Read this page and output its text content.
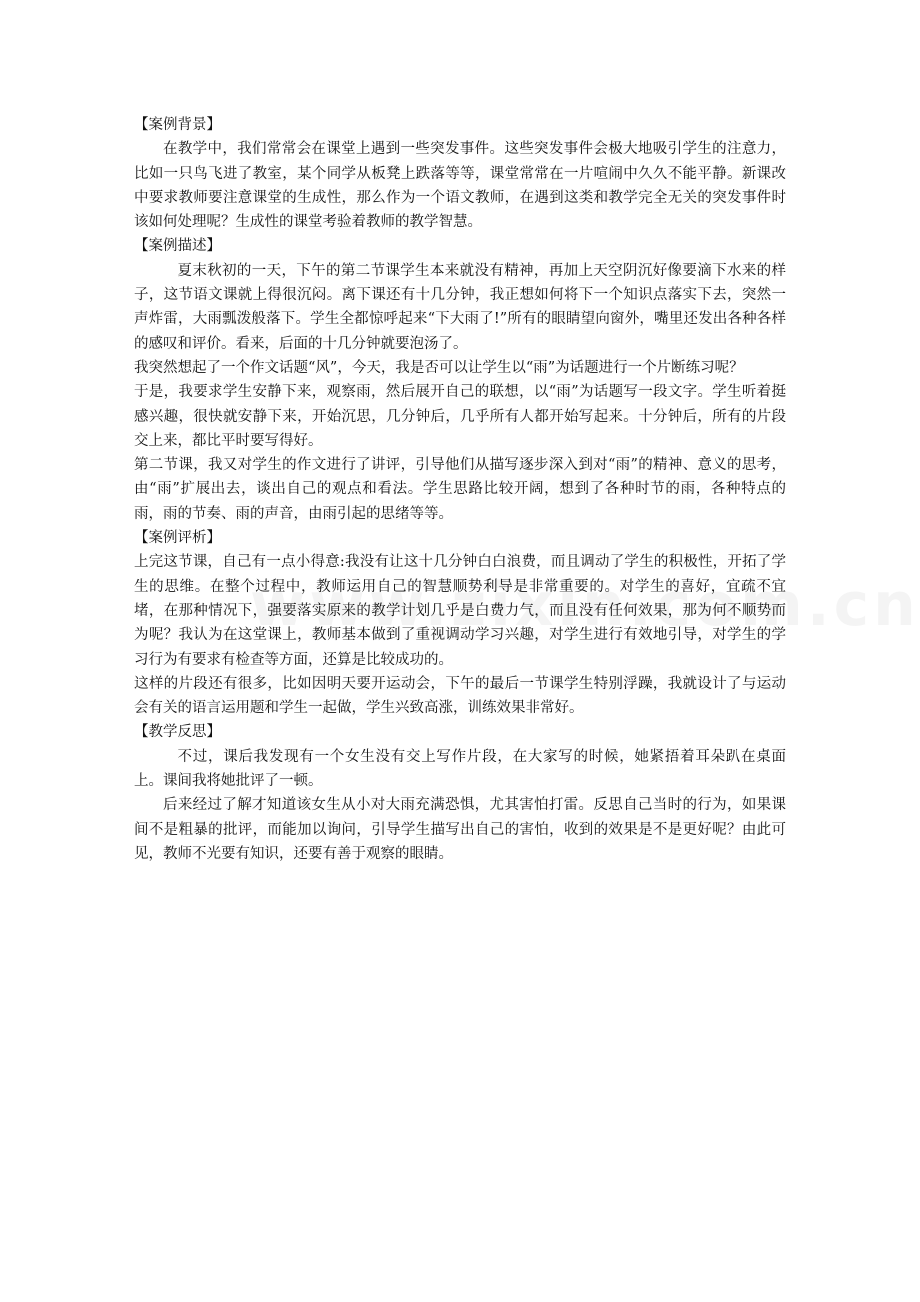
【案例背景】

在教学中，我们常常会在课堂上遇到一些突发事件。这些突发事件会极大地吸引学生的注意力，比如一只鸟飞进了教室，某个同学从板凳上跌落等等，课堂常常在一片喧闹中久久不能平静。新课改中要求教师要注意课堂的生成性，那么作为一个语文教师，在遇到这类和教学完全无关的突发事件时该如何处理呢？生成性的课堂考验着教师的教学智慧。

【案例描述】

夏末秋初的一天，下午的第二节课学生本来就没有精神，再加上天空阴沉好像要滴下水来的样子，这节语文课就上得很沉闷。离下课还有十几分钟，我正想如何将下一个知识点落实下去，突然一声炸雷，大雨瓢泼般落下。学生全都惊呼起来“下大雨了!”所有的眼睛望向窗外，嘴里还发出各种各样的感叹和评价。看来，后面的十几分钟就要泡汤了。

我突然想起了一个作文话题“风”，今天，我是否可以让学生以“雨”为话题进行一个片断练习呢？

于是，我要求学生安静下来，观察雨，然后展开自己的联想，以“雨”为话题写一段文字。学生听着挺感兴趣，很快就安静下来，开始沉思，几分钟后，几乎所有人都开始写起来。十分钟后，所有的片段交上来，都比平时要写得好。

第二节课，我又对学生的作文进行了讲评，引导他们从描写逐步深入到对“雨”的精神、意义的思考，由“雨”扩展出去，谈出自己的观点和看法。学生思路比较开阔，想到了各种时节的雨，各种特点的雨，雨的节奏、雨的声音，由雨引起的思绪等等。

【案例评析】

上完这节课，自己有一点小得意:我没有让这十几分钟白白浪费，而且调动了学生的积极性，开拓了学生的思维。在整个过程中，教师运用自己的智慧顺势利导是非常重要的。对学生的喜好，宜疏不宜堵，在那种情况下，强要落实原来的教学计划几乎是白费力气，而且没有任何效果，那为何不顺势而为呢？我认为在这堂课上，教师基本做到了重视调动学习兴趣，对学生进行有效地引导，对学生的学习行为有要求有检查等方面，还算是比较成功的。

这样的片段还有很多，比如因明天要开运动会，下午的最后一节课学生特别浮躁，我就设计了与运动会有关的语言运用题和学生一起做，学生兴致高涨，训练效果非常好。

【教学反思】

不过，课后我发现有一个女生没有交上写作片段，在大家写的时候，她紧捂着耳朵趴在桌面上。课间我将她批评了一顿。

后来经过了解才知道该女生从小对大雨充满恐惧，尤其害怕打雷。反思自己当时的行为，如果课间不是粗暴的批评，而能加以询问，引导学生描写出自己的害怕，收到的效果是不是更好呢？由此可见，教师不光要有知识，还要有善于观察的眼睛。
